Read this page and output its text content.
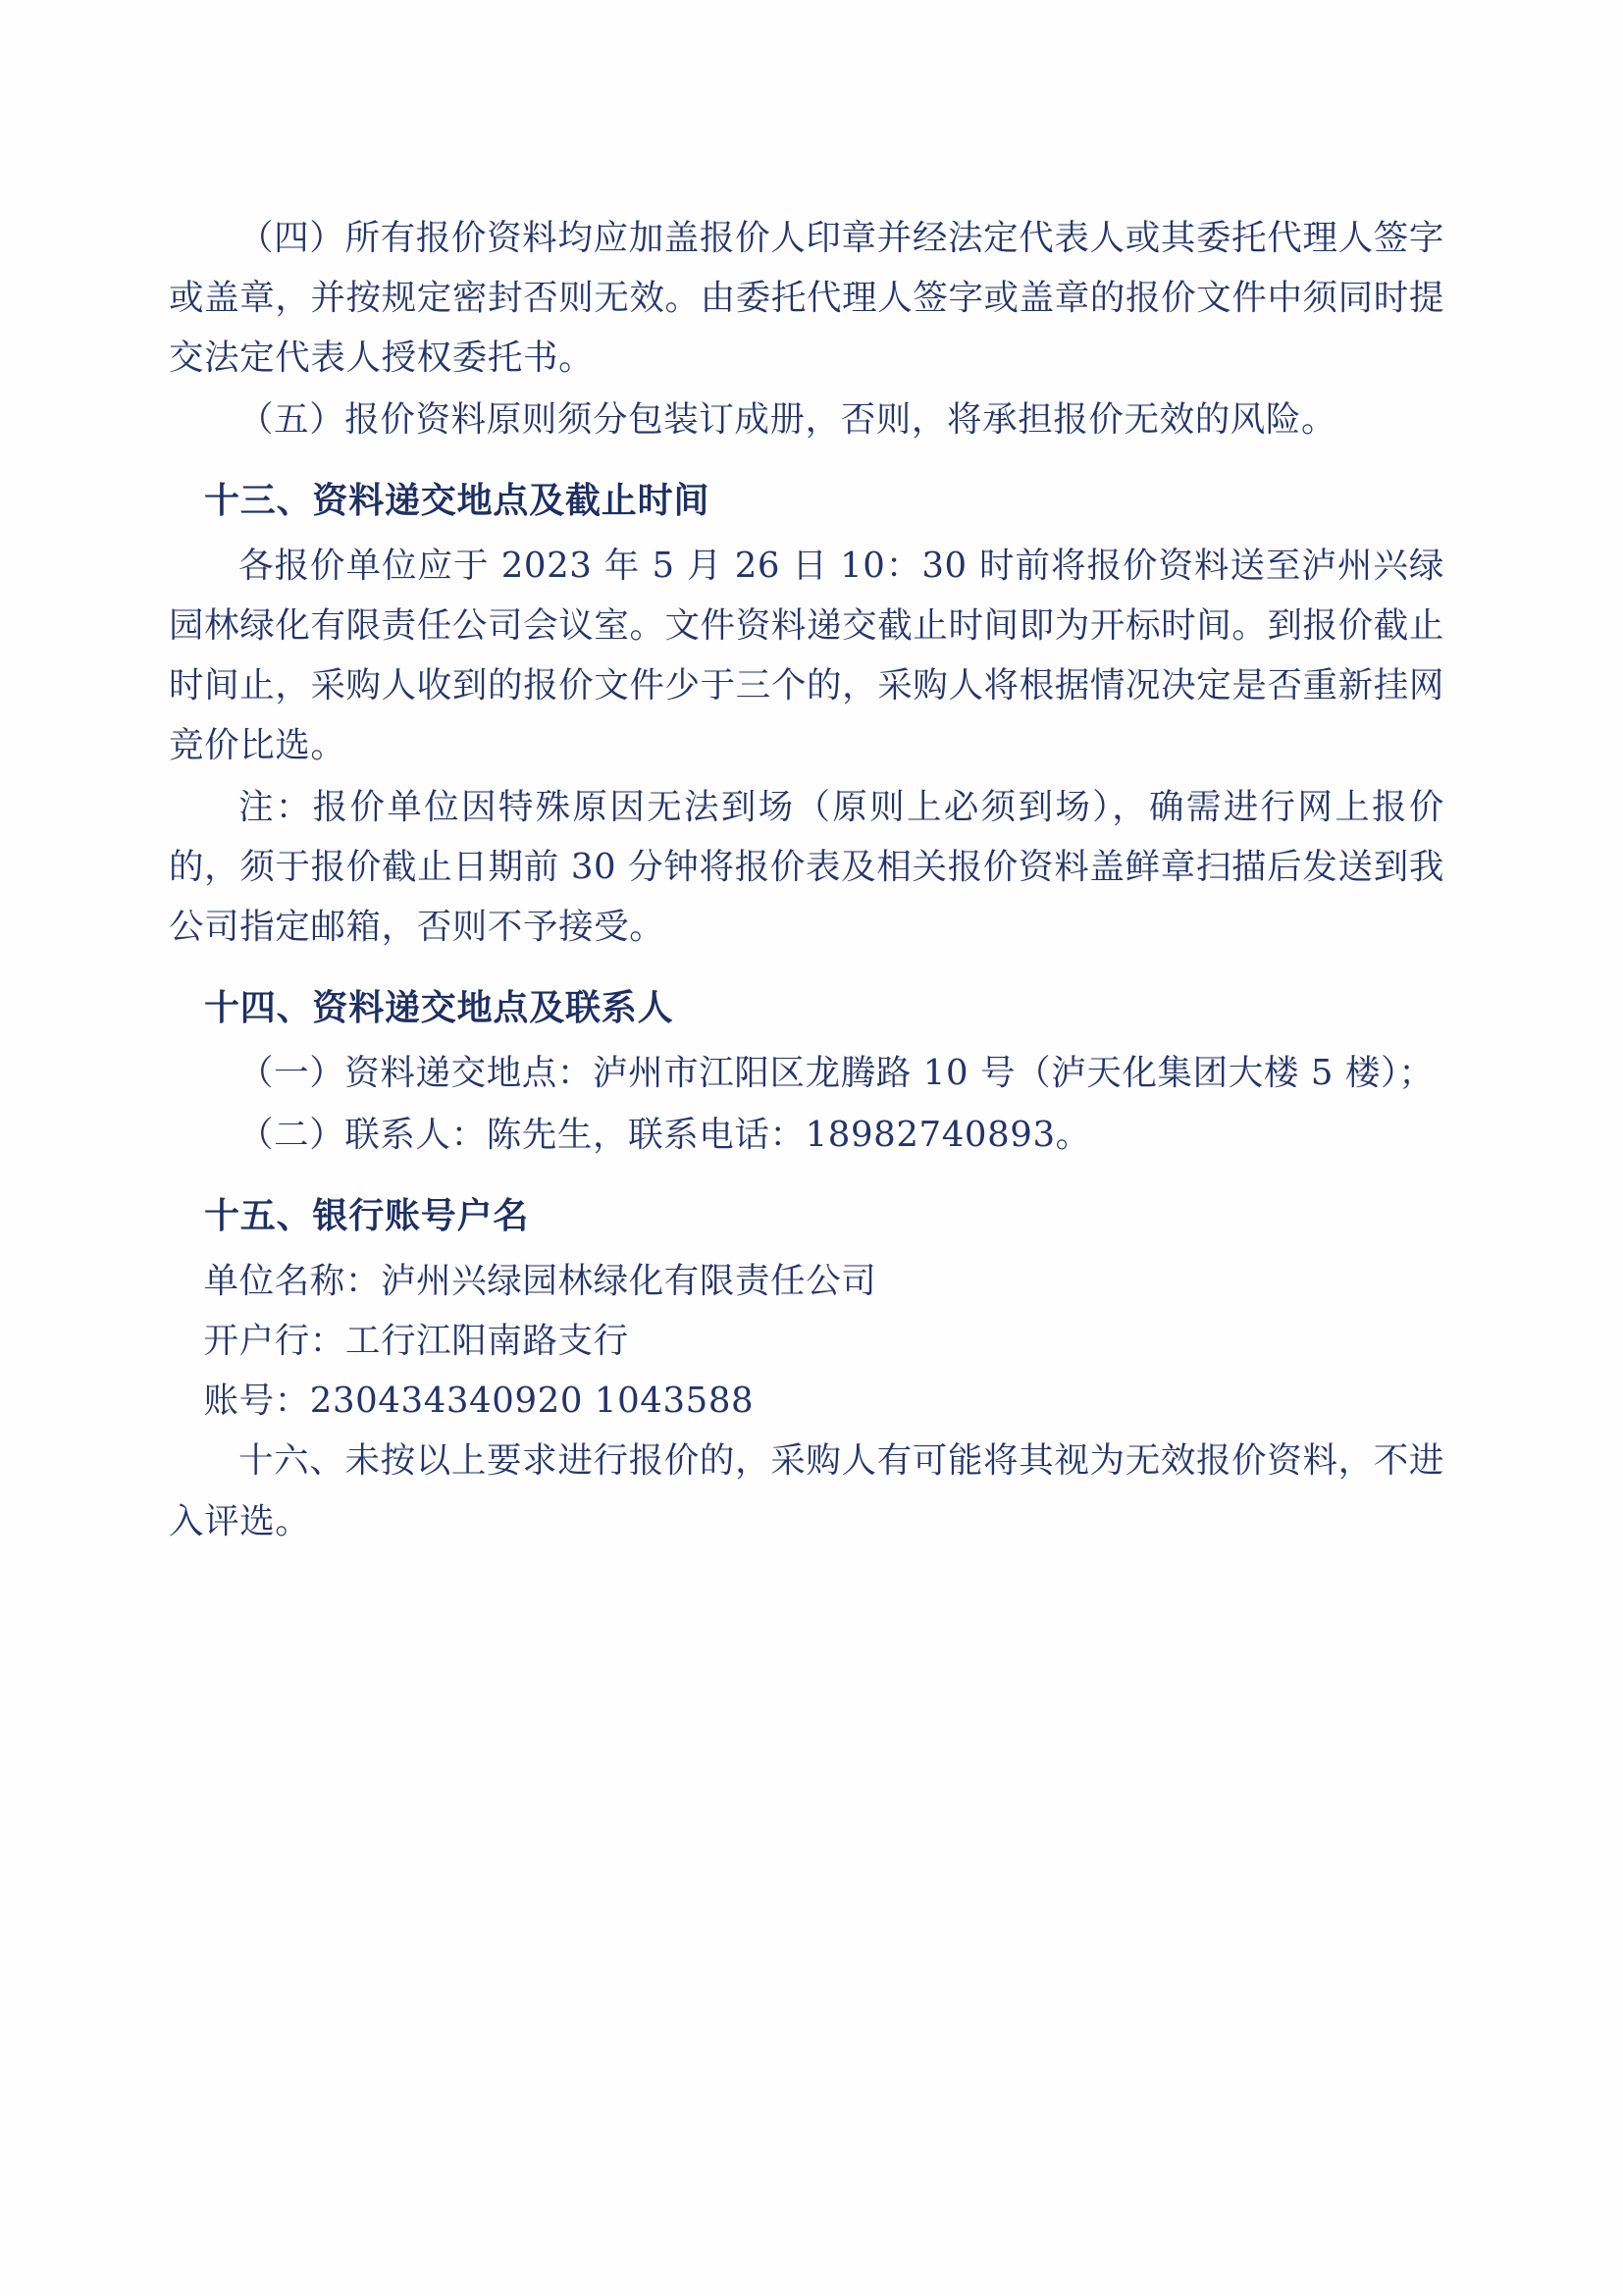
（四）所有报价资料均应加盖报价人印章并经法定代表人或其委托代理人签字或盖章，并按规定密封否则无效。由委托代理人签字或盖章的报价文件中须同时提交法定代表人授权委托书。

（五）报价资料原则须分包装订成册，否则，将承担报价无效的风险。

十三、资料递交地点及截止时间

各报价单位应于 2023 年 5 月 26 日 10：30 时前将报价资料送至泸州兴绿园林绿化有限责任公司会议室。文件资料递交截止时间即为开标时间。到报价截止时间止，采购人收到的报价文件少于三个的，采购人将根据情况决定是否重新挂网竞价比选。

注：报价单位因特殊原因无法到场（原则上必须到场），确需进行网上报价的，须于报价截止日期前 30 分钟将报价表及相关报价资料盖鲜章扫描后发送到我公司指定邮箱，否则不予接受。

十四、资料递交地点及联系人

（一）资料递交地点：泸州市江阳区龙腾路 10 号（泸天化集团大楼 5 楼）；

（二）联系人：陈先生，联系电话：18982740893。

十五、银行账号户名

单位名称：泸州兴绿园林绿化有限责任公司

开户行：工行江阳南路支行

账号：230434340920 1043588

十六、未按以上要求进行报价的，采购人有可能将其视为无效报价资料，不进入评选。
